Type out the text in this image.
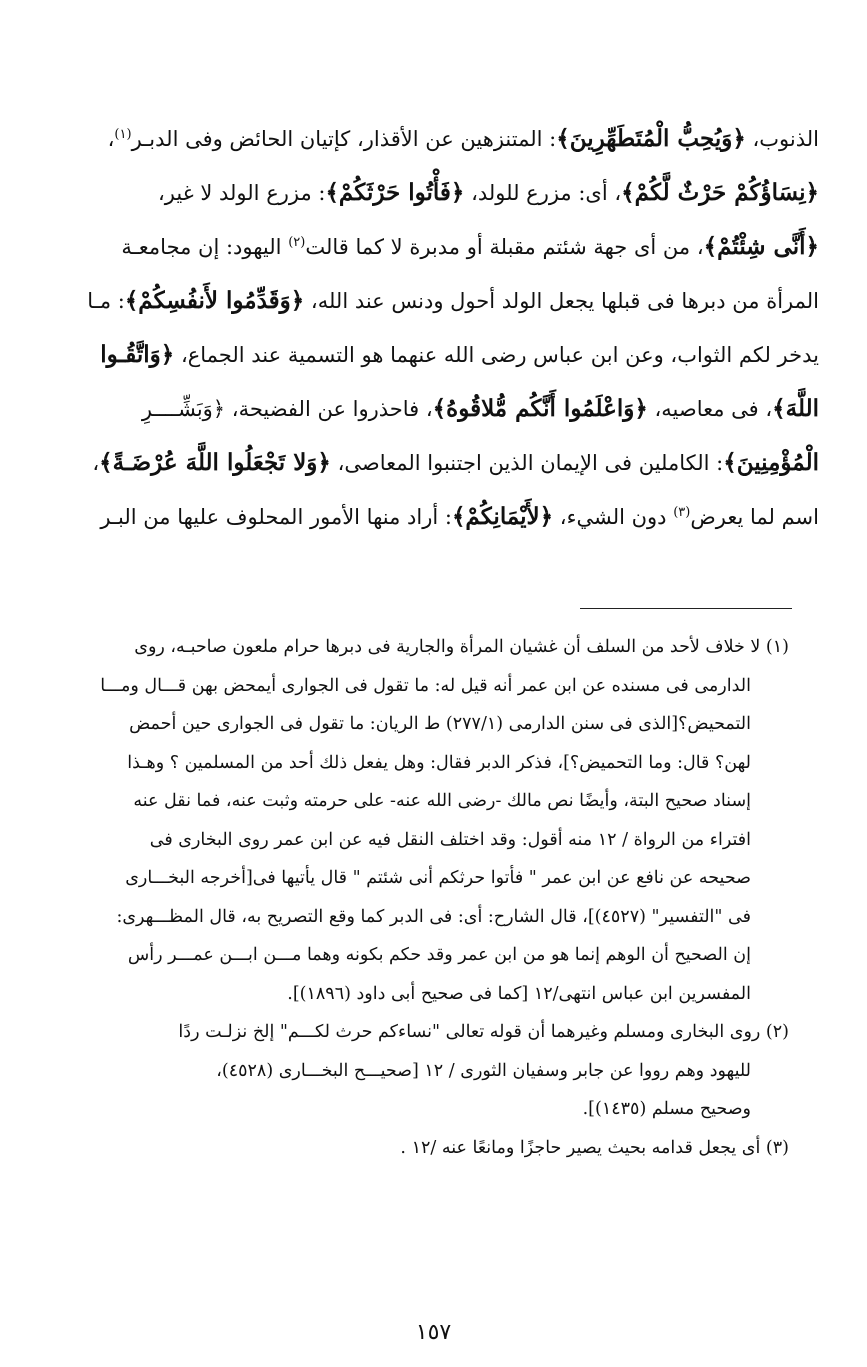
الذنوب، ﴿وَيُحِبُّ الْمُتَطَهِّرِينَ﴾: المتنزهين عن الأقذار، كإتيان الحائض وفى الدبـر$^{(١)}$،
﴿نِسَاؤُكُمْ حَرْثٌ لَّكُمْ﴾، أى: مزرع للولد، ﴿فَأْتُوا حَرْثَكُمْ﴾: مزرع الولد لا غير،
﴿أَنَّى شِئْتُمْ﴾، من أى جهة شئتم مقبلة أو مدبرة لا كما قالت$^{(٢)}$ اليهود: إن مجامعـة
المرأة من دبرها فى قبلها يجعل الولد أحول ودنس عند الله، ﴿وَقَدِّمُوا لأَنفُسِكُمْ﴾: مـا
يدخر لكم الثواب، وعن ابن عباس رضى الله عنهما هو التسمية عند الجماع، ﴿وَاتَّقُـوا
اللَّهَ﴾، فى معاصيه، ﴿وَاعْلَمُوا أَنَّكُم مُّلاقُوهُ﴾، فاحذروا عن الفضيحة، ﴿وَبَشِّــــرِ
الْمُؤْمِنِينَ﴾: الكاملين فى الإيمان الذين اجتنبوا المعاصى، ﴿وَلا تَجْعَلُوا اللَّهَ عُرْضَـةً﴾،
اسم لما يعرض$^{(٣)}$ دون الشيء، ﴿لأَيْمَانِكُمْ﴾: أراد منها الأمور المحلوف عليها من البـر
(١) لا خلاف لأحد من السلف أن غشيان المرأة والجارية فى دبرها حرام ملعون صاحبـه، روى
الدارمى فى مسنده عن ابن عمر أنه قيل له: ما تقول فى الجوارى أيمحض بهن قـــال ومـــا
التمحيض؟[الذى فى سنن الدارمى (٢٧٧/١) ط الريان: ما تقول فى الجوارى حين أحمض
لهن؟ قال: وما التحميض؟]، فذكر الدبر فقال: وهل يفعل ذلك أحد من المسلمين ؟ وهـذا
إسناد صحيح البتة، وأيضًا نص مالك -رضى الله عنه- على حرمته وثبت عنه، فما نقل عنه
افتراء من الرواة / ١٢ منه أقول: وقد اختلف النقل فيه عن ابن عمر روى البخارى فى
صحيحه عن نافع عن ابن عمر " فأتوا حرثكم أنى شئتم " قال يأتيها فى[أخرجه البخـــارى
فى "التفسير" (٤٥٢٧)]، قال الشارح: أى: فى الدبر كما وقع التصريح به، قال المظـــهرى:
إن الصحيح أن الوهم إنما هو من ابن عمر وقد حكم بكونه وهما مـــن ابـــن عمـــر رأس
المفسرين ابن عباس انتهى/١٢ [كما فى صحيح أبى داود (١٨٩٦)].
(٢) روى البخارى ومسلم وغيرهما أن قوله تعالى "نساءكم حرث لكـــم" إلخ نزلـت ردًا
لليهود وهم رووا عن جابر وسفيان الثورى / ١٢ [صحيـــح البخـــارى (٤٥٢٨)،
وصحيح مسلم (١٤٣٥)].
(٣) أى يجعل قدامه بحيث يصير حاجزًا ومانعًا عنه /١٢ .
١٥٧
